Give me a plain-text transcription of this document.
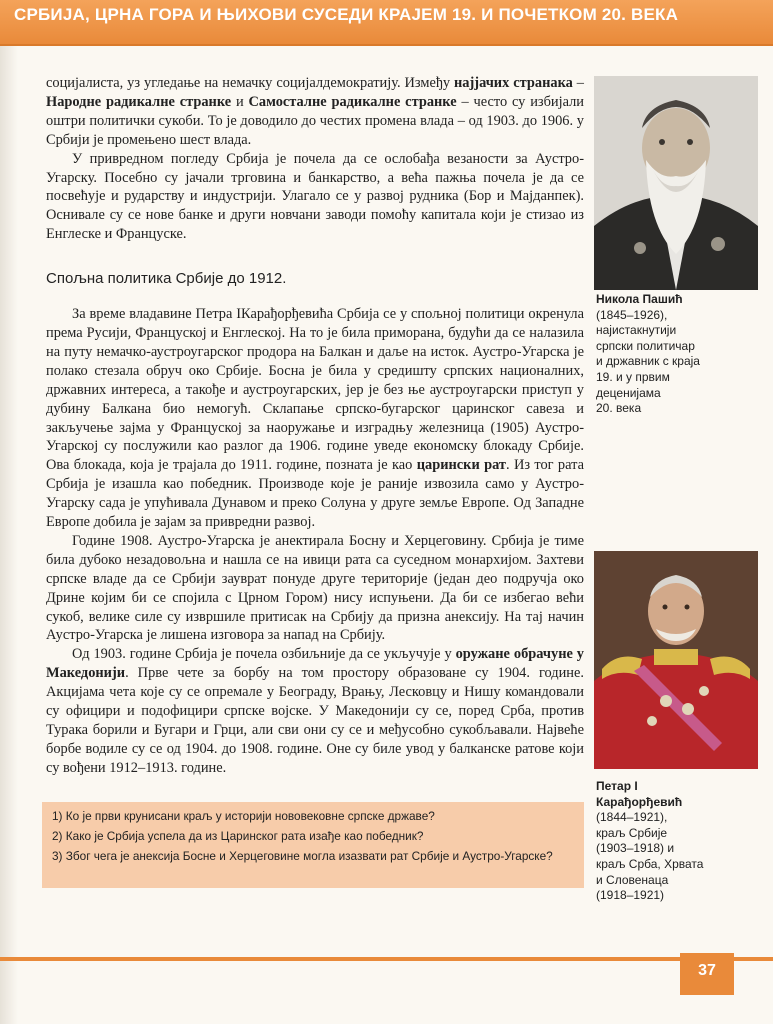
СРБИЈА, ЦРНА ГОРА И ЊИХОВИ СУСЕДИ КРАЈЕМ 19. И ПОЧЕТКОМ 20. ВЕКА

социјалиста, уз угледање на немачку социјалдемократију. Између најјачих странака – Народне радикалне странке и Самосталне радикалне странке – често су избијали оштри политички сукоби. То је доводило до честих промена влада – од 1903. до 1906. у Србији је промењено шест влада.

У привредном погледу Србија је почела да се ослобађа везаности за Аустро-Угарску. Посебно су јачали трговина и банкарство, а већа пажња почела је да се посвећује и рударству и индустрији. Улагало се у развој рудника (Бор и Мајданпек). Оснивале су се нове банке и други новчани заводи помоћу капитала који је стизао из Енглеске и Француске.

Спољна политика Србије до 1912.

За време владавине Петра IКарађорђевића Србија се у спољној политици окренула према Русији, Француској и Енглеској. На то је била приморана, будући да се налазила на путу немачко-аустроугарског продора на Балкан и даље на исток. Аустро-Угарска је полако стезала обруч око Србије. Босна је била у средишту српских националних, државних интереса, а такође и аустроугарских, јер је без ње аустроугарски приступ у дубину Балкана био немогућ. Склапање српско-бугарског царинског савеза и закључење зајма у Француској за наоружање и изградњу железница (1905) Аустро-Угарској су послужили као разлог да 1906. године уведе економску блокаду Србије. Ова блокада, која је трајала до 1911. године, позната је као царински рат. Из тог рата Србија је изашла као победник. Производе које је раније извозила само у Аустро-Угарску сада је упућивала Дунавом и преко Солуна у друге земље Европе. Од Западне Европе добила је зајам за привредни развој.

Године 1908. Аустро-Угарска је анектирала Босну и Херцеговину. Србија је тиме била дубоко незадовољна и нашла се на ивици рата са суседном монархијом. Захтеви српске владе да се Србији зауврат понуде друге територије (један део подручја око Дрине којим би се спојила с Црном Гором) нису испуњени. Да би се избегао већи сукоб, велике силе су извршиле притисак на Србију да призна анексију. На тај начин Аустро-Угарска је лишена изговора за напад на Србију.

Од 1903. године Србија је почела озбиљније да се укључује у оружане обрачуне у Македонији. Прве чете за борбу на том простору образоване су 1904. године. Акцијама чета које су се опремале у Београду, Врању, Лесковцу и Нишу командовали су официри и подофицири српске војске. У Македонији су се, поред Срба, против Турака борили и Бугари и Грци, али сви они су се и међусобно сукобљавали. Највеће борбе водиле су се од 1904. до 1908. године. Оне су биле увод у балканске ратове који су вођени 1912–1913. године.

1) Ко је први крунисани краљ у историји нововековне српске државе?

2) Како је Србија успела да из Царинског рата изађе као победник?

3) Због чега је анексија Босне и Херцеговине могла изазвати рат Србије и Аустро-Угарске?

Никола Пашић
(1845–1926),
најистакнутији
српски политичар
и државник с краја
19. и у првим
деценијама
20. века
Петар I
Карађорђевић
(1844–1921),
краљ Србије
(1903–1918) и
краљ Срба, Хрвата
и Словенаца
(1918–1921)
37
